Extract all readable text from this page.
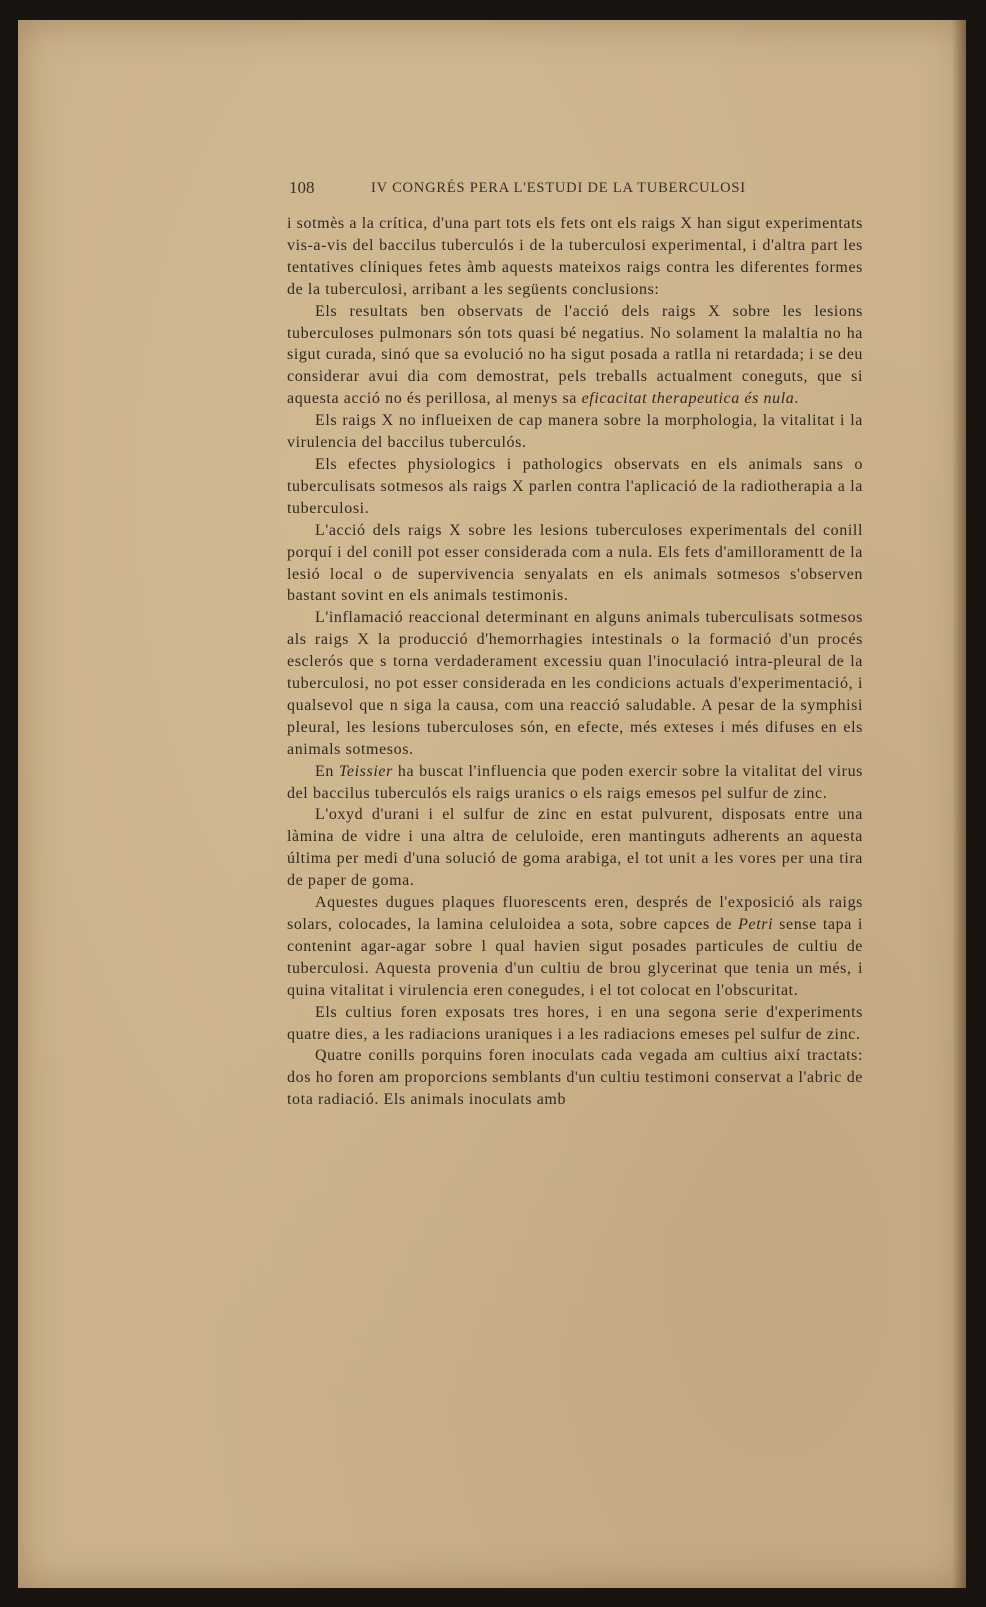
108	IV CONGRÉS PERA L'ESTUDI DE LA TUBERCULOSI

i sotmès a la crítica, d'una part tots els fets ont els raigs X han sigut experimentats vis-a-vis del baccilus tuberculós i de la tuberculosi experimental, i d'altra part les tentatives clíniques fetes àmb aquests mateixos raigs contra les diferentes formes de la tuberculosi, arribant a les següents conclusions:

Els resultats ben observats de l'acció dels raigs X sobre les lesions tuberculoses pulmonars són tots quasi bé negatius. No solament la malaltia no ha sigut curada, sinó que sa evolució no ha sigut posada a ratlla ni retardada; i se deu considerar avui dia com demostrat, pels treballs actualment coneguts, que si aquesta acció no és perillosa, al menys sa eficacitat therapeutica és nula.

Els raigs X no influeixen de cap manera sobre la morphologia, la vitalitat i la virulencia del baccilus tuberculós.

Els efectes physiologics i pathologics observats en els animals sans o tuberculisats sotmesos als raigs X parlen contra l'aplicació de la radiotherapia a la tuberculosi.

L'acció dels raigs X sobre les lesions tuberculoses experimentals del conill porquí i del conill pot esser considerada com a nula. Els fets d'amilloramentt de la lesió local o de supervivencia senyalats en els animals sotmesos s'observen bastant sovint en els animals testimonis.

L'inflamació reaccional determinant en alguns animals tuberculisats sotmesos als raigs X la producció d'hemorrhagies intestinals o la formació d'un procés esclerós que s torna verdaderament excessiu quan l'inoculació intra-pleural de la tuberculosi, no pot esser considerada en les condicions actuals d'experimentació, i qualsevol que n siga la causa, com una reacció saludable. A pesar de la symphisi pleural, les lesions tuberculoses són, en efecte, més exteses i més difuses en els animals sotmesos.

En Teissier ha buscat l'influencia que poden exercir sobre la vitalitat del virus del baccilus tuberculós els raigs uranics o els raigs emesos pel sulfur de zinc.

L'oxyd d'urani i el sulfur de zinc en estat pulvurent, disposats entre una làmina de vidre i una altra de celuloide, eren mantinguts adherents an aquesta última per medi d'una solució de goma arabiga, el tot unit a les vores per una tira de paper de goma.

Aquestes dugues plaques fluorescents eren, després de l'exposició als raigs solars, colocades, la lamina celuloidea a sota, sobre capces de Petri sense tapa i contenint agar-agar sobre l qual havien sigut posades particules de cultiu de tuberculosi. Aquesta provenia d'un cultiu de brou glycerinat que tenia un més, i quina vitalitat i virulencia eren conegudes, i el tot colocat en l'obscuritat.

Els cultius foren exposats tres hores, i en una segona serie d'experiments quatre dies, a les radiacions uraniques i a les radiacions emeses pel sulfur de zinc.

Quatre conills porquins foren inoculats cada vegada am cultius així tractats: dos ho foren am proporcions semblants d'un cultiu testimoni conservat a l'abric de tota radiació. Els animals inoculats amb
